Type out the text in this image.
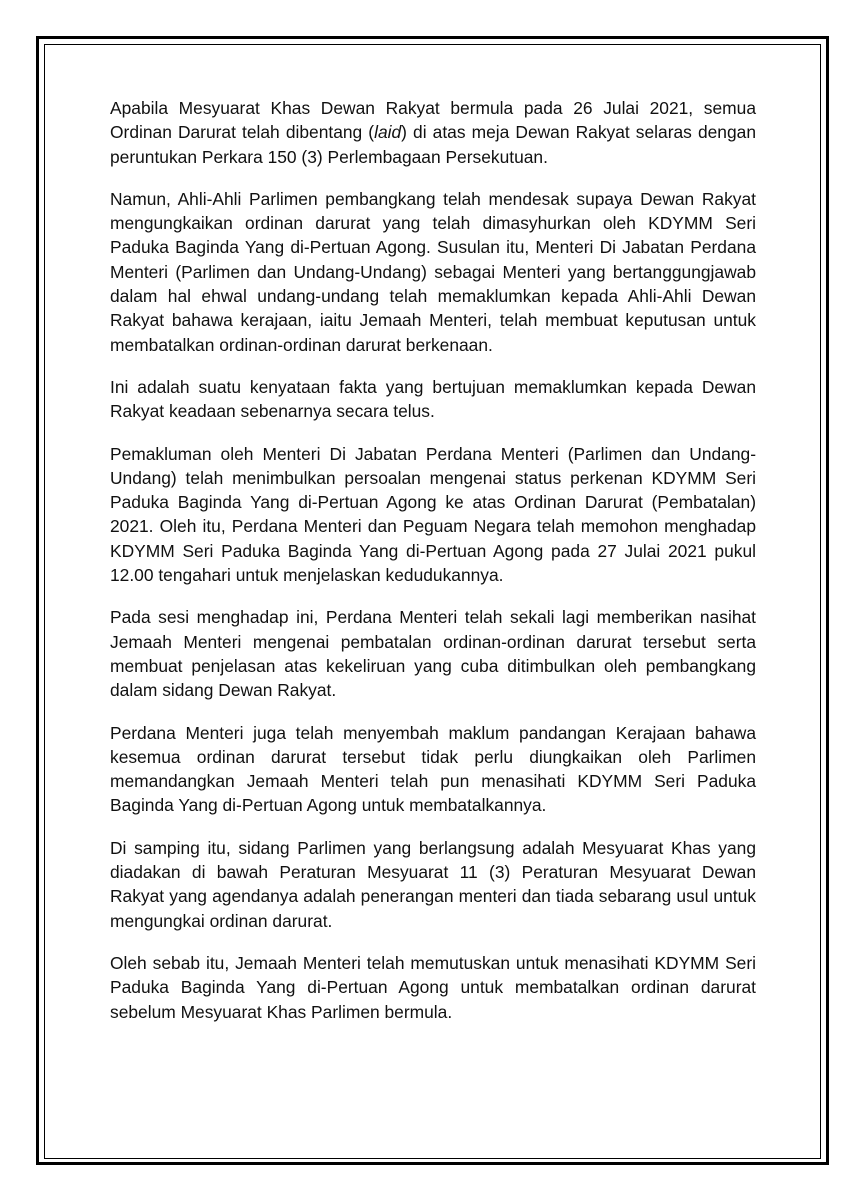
Apabila Mesyuarat Khas Dewan Rakyat bermula pada 26 Julai 2021, semua Ordinan Darurat telah dibentang (laid) di atas meja Dewan Rakyat selaras dengan peruntukan Perkara 150 (3) Perlembagaan Persekutuan.

Namun, Ahli-Ahli Parlimen pembangkang telah mendesak supaya Dewan Rakyat mengungkaikan ordinan darurat yang telah dimasyhurkan oleh KDYMM Seri Paduka Baginda Yang di-Pertuan Agong. Susulan itu, Menteri Di Jabatan Perdana Menteri (Parlimen dan Undang-Undang) sebagai Menteri yang bertanggungjawab dalam hal ehwal undang-undang telah memaklumkan kepada Ahli-Ahli Dewan Rakyat bahawa kerajaan, iaitu Jemaah Menteri, telah membuat keputusan untuk membatalkan ordinan-ordinan darurat berkenaan.

Ini adalah suatu kenyataan fakta yang bertujuan memaklumkan kepada Dewan Rakyat keadaan sebenarnya secara telus.

Pemakluman oleh Menteri Di Jabatan Perdana Menteri (Parlimen dan Undang-Undang) telah menimbulkan persoalan mengenai status perkenan KDYMM Seri Paduka Baginda Yang di-Pertuan Agong ke atas Ordinan Darurat (Pembatalan) 2021. Oleh itu, Perdana Menteri dan Peguam Negara telah memohon menghadap KDYMM Seri Paduka Baginda Yang di-Pertuan Agong pada 27 Julai 2021 pukul 12.00 tengahari untuk menjelaskan kedudukannya.

Pada sesi menghadap ini, Perdana Menteri telah sekali lagi memberikan nasihat Jemaah Menteri mengenai pembatalan ordinan-ordinan darurat tersebut serta membuat penjelasan atas kekeliruan yang cuba ditimbulkan oleh pembangkang dalam sidang Dewan Rakyat.

Perdana Menteri juga telah menyembah maklum pandangan Kerajaan bahawa kesemua ordinan darurat tersebut tidak perlu diungkaikan oleh Parlimen memandangkan Jemaah Menteri telah pun menasihati KDYMM Seri Paduka Baginda Yang di-Pertuan Agong untuk membatalkannya.

Di samping itu, sidang Parlimen yang berlangsung adalah Mesyuarat Khas yang diadakan di bawah Peraturan Mesyuarat 11 (3) Peraturan Mesyuarat Dewan Rakyat yang agendanya adalah penerangan menteri dan tiada sebarang usul untuk mengungkai ordinan darurat.

Oleh sebab itu, Jemaah Menteri telah memutuskan untuk menasihati KDYMM Seri Paduka Baginda Yang di-Pertuan Agong untuk membatalkan ordinan darurat sebelum Mesyuarat Khas Parlimen bermula.
